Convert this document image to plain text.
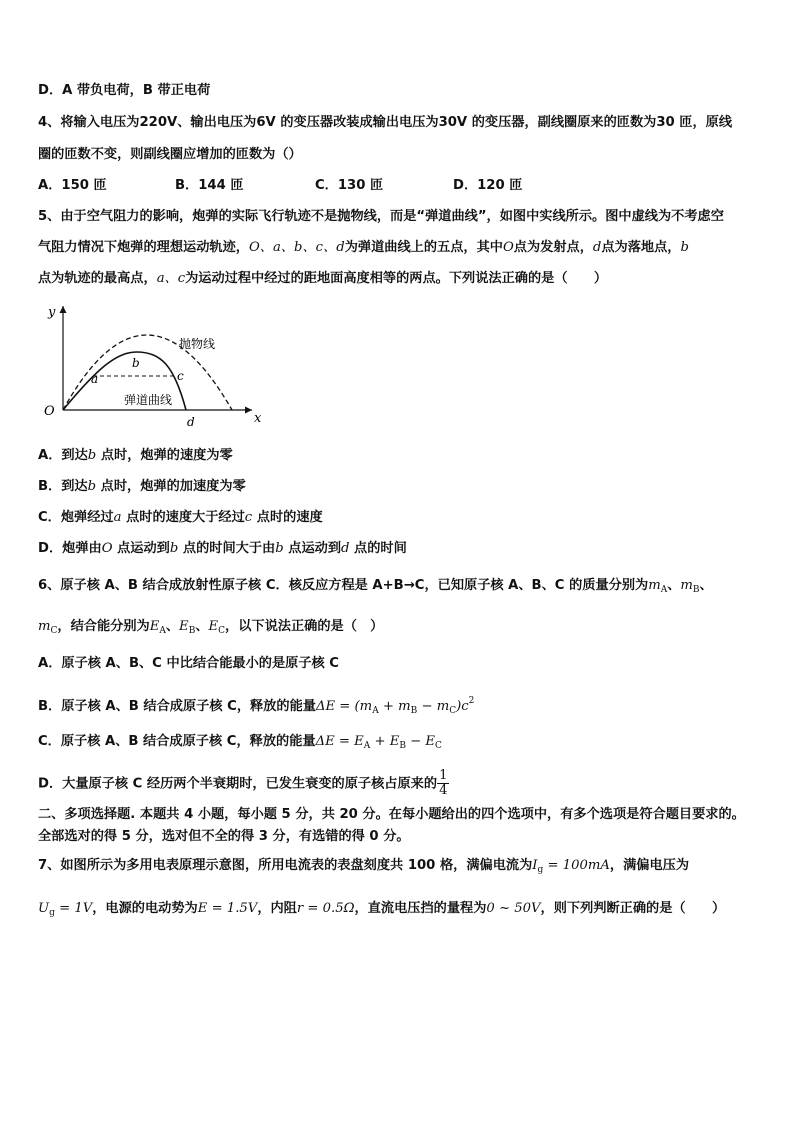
D．A 带负电荷，B 带正电荷
4、将输入电压为220V、输出电压为6V 的变压器改装成输出电压为30V 的变压器，副线圈原来的匝数为30 匝，原线
圈的匝数不变，则副线圈应增加的匝数为（）
A．150 匝	B．144 匝	C．130 匝	D．120 匝
5、由于空气阻力的影响，炮弹的实际飞行轨迹不是抛物线，而是“弹道曲线”，如图中实线所示。图中虚线为不考虑空
气阻力情况下炮弹的理想运动轨迹，O、a、b、c、d为弹道曲线上的五点，其中O点为发射点，d点为落地点，b
点为轨迹的最高点，a、c为运动过程中经过的距地面高度相等的两点。下列说法正确的是（　　）
y
x
O
a
b
c
d
抛物线
弹道曲线
A．到达b 点时，炮弹的速度为零
B．到达b 点时，炮弹的加速度为零
C．炮弹经过a 点时的速度大于经过c 点时的速度
D．炮弹由O 点运动到b 点的时间大于由b 点运动到d 点的时间
6、原子核 A、B 结合成放射性原子核 C．核反应方程是 A+B→C，已知原子核 A、B、C 的质量分别为$m_A$、$m_B$、
$m_C$，结合能分别为$E_A$、$E_B$、$E_C$，以下说法正确的是（　）
A．原子核 A、B、C 中比结合能最小的是原子核 C
B．原子核 A、B 结合成原子核 C，释放的能量$\Delta E = (m_A + m_B - m_C)c^2$
C．原子核 A、B 结合成原子核 C，释放的能量$\Delta E = E_A + E_B - E_C$
D．大量原子核 C 经历两个半衰期时，已发生衰变的原子核占原来的 $\frac{1}{4}$
二、多项选择题. 本题共 4 小题，每小题 5 分，共 20 分。在每小题给出的四个选项中，有多个选项是符合题目要求的。
全部选对的得 5 分，选对但不全的得 3 分，有选错的得 0 分。
7、如图所示为多用电表原理示意图，所用电流表的表盘刻度共 100 格，满偏电流为$I_g = 100mA$，满偏电压为
$U_g = 1V$，电源的电动势为E = 1.5V，内阻r = 0.5Ω，直流电压挡的量程为0 ~ 50V，则下列判断正确的是（　　）
